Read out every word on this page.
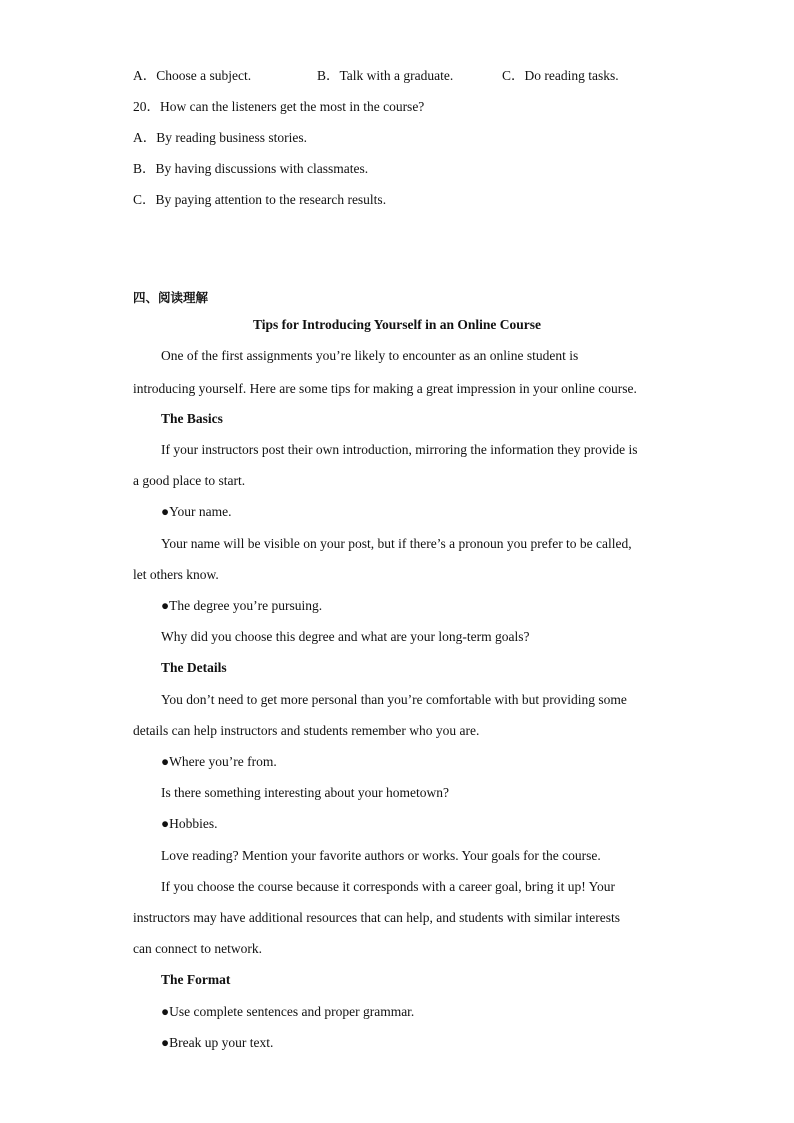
A．Choose a subject.	B．Talk with a graduate.	C．Do reading tasks.
20．How can the listeners get the most in the course?
A．By reading business stories.
B．By having discussions with classmates.
C．By paying attention to the research results.
四、阅读理解
Tips for Introducing Yourself in an Online Course
One of the first assignments you’re likely to encounter as an online student is
introducing yourself. Here are some tips for making a great impression in your online course.
The Basics
If your instructors post their own introduction, mirroring the information they provide is
a good place to start.
●Your name.
Your name will be visible on your post, but if there’s a pronoun you prefer to be called,
let others know.
●The degree you’re pursuing.
Why did you choose this degree and what are your long-term goals?
The Details
You don’t need to get more personal than you’re comfortable with but providing some
details can help instructors and students remember who you are.
●Where you’re from.
Is there something interesting about your hometown?
●Hobbies.
Love reading? Mention your favorite authors or works. Your goals for the course.
If you choose the course because it corresponds with a career goal, bring it up! Your
instructors may have additional resources that can help, and students with similar interests
can connect to network.
The Format
●Use complete sentences and proper grammar.
●Break up your text.
